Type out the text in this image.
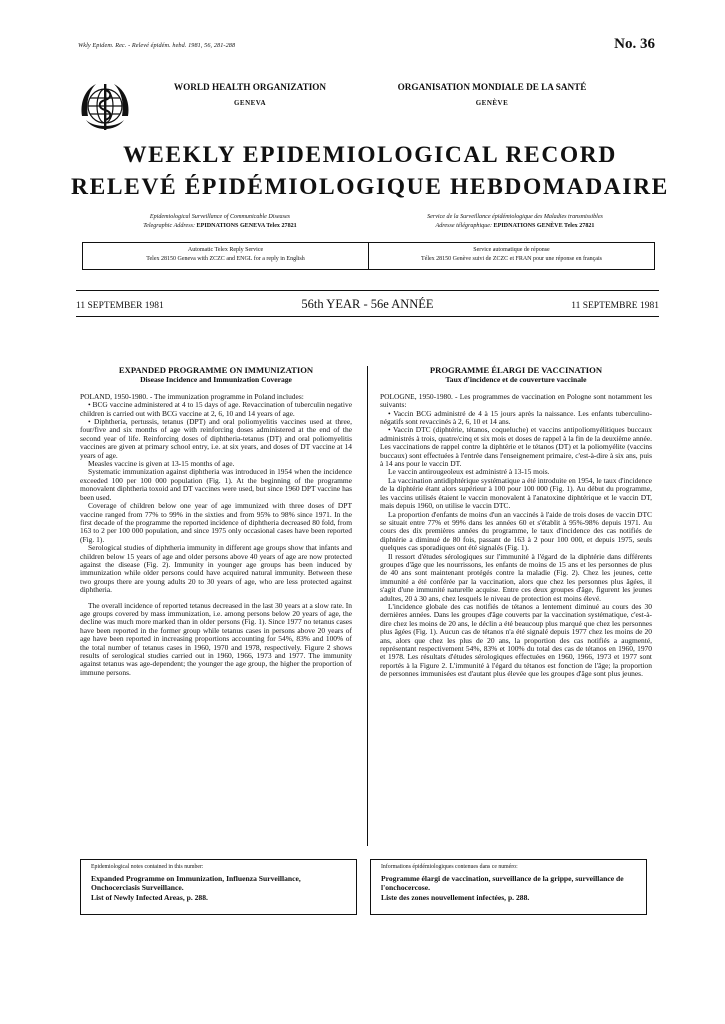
Wkly Epidem. Rec. - Relevé épidém. hebd. 1981, 56, 281-288	No. 36
WORLD HEALTH ORGANIZATION
GENEVA
ORGANISATION MONDIALE DE LA SANTÉ
GENÈVE
WEEKLY EPIDEMIOLOGICAL RECORD
RELEVÉ ÉPIDÉMIOLOGIQUE HEBDOMADAIRE
Epidemiological Surveillance of Communicable Diseases
Telegraphic Address: EPIDNATIONS GENEVA Telex 27821
Service de la Surveillance épidémiologique des Maladies transmissibles
Adresse télégraphique: EPIDNATIONS GENÈVE Telex 27821
Automatic Telex Reply Service
Telex 28150 Geneva with ZCZC and ENGL for a reply in English
Service automatique de réponse
Télex 28150 Genève suivi de ZCZC et FRAN pour une réponse en français
11 SEPTEMBER 1981	56th YEAR - 56e ANNÉE	11 SEPTEMBRE 1981
EXPANDED PROGRAMME ON IMMUNIZATION
Disease Incidence and Immunization Coverage

POLAND, 1950-1980. - The immunization programme in Poland includes:

• BCG vaccine administered at 4 to 15 days of age. Revaccination of tuberculin negative children is carried out with BCG vaccine at 2, 6, 10 and 14 years of age.

• Diphtheria, pertussis, tetanus (DPT) and oral poliomyelitis vaccines used at three, four/five and six months of age with reinforcing doses administered at the end of the second year of life. Reinforcing doses of diphtheria-tetanus (DT) and oral poliomyelitis vaccines are given at primary school entry, i.e. at six years, and doses of DT vaccine at 14 years of age.

Measles vaccine is given at 13-15 months of age.

Systematic immunization against diphtheria was introduced in 1954 when the incidence exceeded 100 per 100 000 population (Fig. 1). At the beginning of the programme monovalent diphtheria toxoid and DT vaccines were used, but since 1960 DPT vaccine has been used.

Coverage of children below one year of age immunized with three doses of DPT vaccine ranged from 77% to 99% in the sixties and from 95% to 98% since 1971. In the first decade of the programme the reported incidence of diphtheria decreased 80 fold, from 163 to 2 per 100 000 population, and since 1975 only occasional cases have been reported (Fig. 1).

Serological studies of diphtheria immunity in different age groups show that infants and children below 15 years of age and older persons above 40 years of age are now protected against the disease (Fig. 2). Immunity in younger age groups has been induced by immunization while older persons could have acquired natural immunity. Between these two groups there are young adults 20 to 30 years of age, who are less protected against diphtheria.

The overall incidence of reported tetanus decreased in the last 30 years at a slow rate. In age groups covered by mass immunization, i.e. among persons below 20 years of age, the decline was much more marked than in older persons (Fig. 1). Since 1977 no tetanus cases have been reported in the former group while tetanus cases in persons above 20 years of age have been reported in increasing proportions accounting for 54%, 83% and 100% of the total number of tetanus cases in 1960, 1970 and 1978, respectively. Figure 2 shows results of serological studies carried out in 1960, 1966, 1973 and 1977. The immunity against tetanus was age-dependent; the younger the age group, the higher the proportion of immune persons.

PROGRAMME ÉLARGI DE VACCINATION
Taux d'incidence et de couverture vaccinale

POLOGNE, 1950-1980. - Les programmes de vaccination en Pologne sont notamment les suivants:

• Vaccin BCG administré de 4 à 15 jours après la naissance. Les enfants tuberculino-négatifs sont revaccinés à 2, 6, 10 et 14 ans.

• Vaccin DTC (diphtérie, tétanos, coqueluche) et vaccins antipoliomyélitiques buccaux administrés à trois, quatre/cinq et six mois et doses de rappel à la fin de la deuxième année. Les vaccinations de rappel contre la diphtérie et le tétanos (DT) et la poliomyélite (vaccins buccaux) sont effectuées à l'entrée dans l'enseignement primaire, c'est-à-dire à six ans, puis à 14 ans pour le vaccin DT.

Le vaccin antirougeoleux est administré à 13-15 mois.

La vaccination antidiphtérique systématique a été introduite en 1954, le taux d'incidence de la diphtérie étant alors supérieur à 100 pour 100 000 (Fig. 1). Au début du programme, les vaccins utilisés étaient le vaccin monovalent à l'anatoxine diphtérique et le vaccin DT, mais depuis 1960, on utilise le vaccin DTC.

La proportion d'enfants de moins d'un an vaccinés à l'aide de trois doses de vaccin DTC se situait entre 77% et 99% dans les années 60 et s'établit à 95%-98% depuis 1971. Au cours des dix premières années du programme, le taux d'incidence des cas notifiés de diphtérie a diminué de 80 fois, passant de 163 à 2 pour 100 000, et depuis 1975, seuls quelques cas sporadiques ont été signalés (Fig. 1).

Il ressort d'études sérologiques sur l'immunité à l'égard de la diphtérie dans différents groupes d'âge que les nourrissons, les enfants de moins de 15 ans et les personnes de plus de 40 ans sont maintenant protégés contre la maladie (Fig. 2). Chez les jeunes, cette immunité a été conférée par la vaccination, alors que chez les personnes plus âgées, il s'agit d'une immunité naturelle acquise. Entre ces deux groupes d'âge, figurent les jeunes adultes, 20 à 30 ans, chez lesquels le niveau de protection est moins élevé.

L'incidence globale des cas notifiés de tétanos a lentement diminué au cours des 30 dernières années. Dans les groupes d'âge couverts par la vaccination systématique, c'est-à-dire chez les moins de 20 ans, le déclin a été beaucoup plus marqué que chez les personnes plus âgées (Fig. 1). Aucun cas de tétanos n'a été signalé depuis 1977 chez les moins de 20 ans, alors que chez les plus de 20 ans, la proportion des cas notifiés a augmenté, représentant respectivement 54%, 83% et 100% du total des cas de tétanos en 1960, 1970 et 1978. Les résultats d'études sérologiques effectuées en 1960, 1966, 1973 et 1977 sont reportés à la Figure 2. L'immunité à l'égard du tétanos est fonction de l'âge; la proportion de personnes immunisées est d'autant plus élevée que les groupes d'âge sont plus jeunes.

Epidemiological notes contained in this number:
Expanded Programme on Immunization, Influenza Surveillance, Onchocerciasis Surveillance.
List of Newly Infected Areas, p. 288.
Informations épidémiologiques contenues dans ce numéro:
Programme élargi de vaccination, surveillance de la grippe, surveillance de l'onchocercose.
Liste des zones nouvellement infectées, p. 288.
